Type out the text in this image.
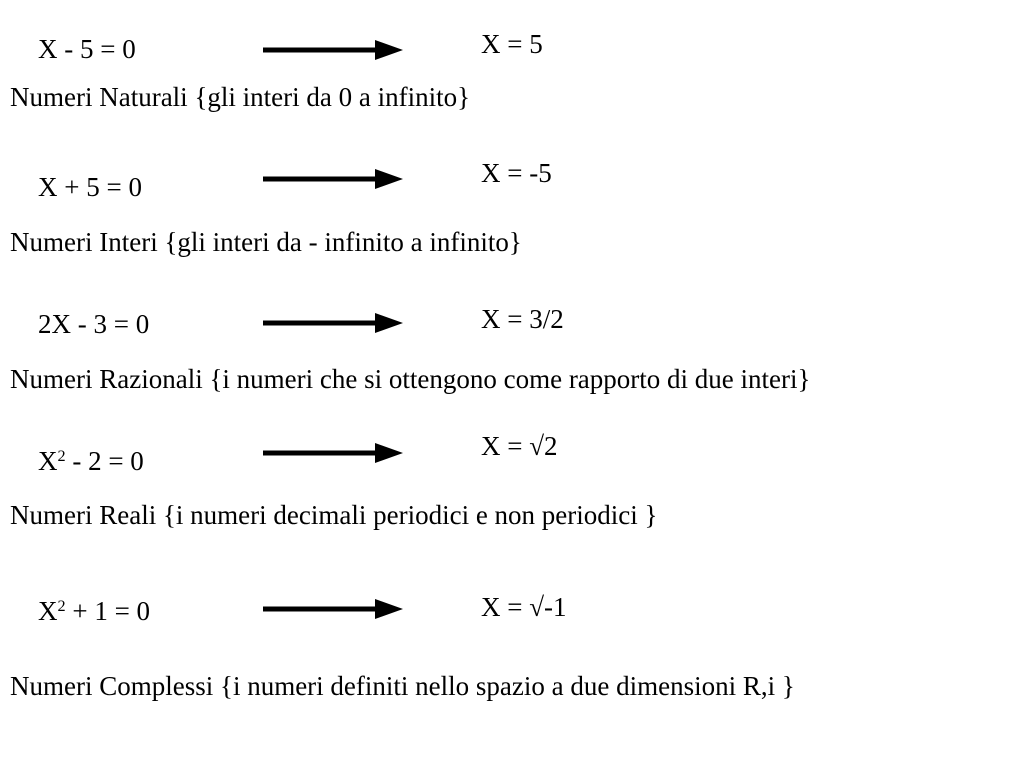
X - 5 = 0	X = 5
Numeri Naturali {gli interi da 0 a infinito}
X + 5 = 0	X = -5
Numeri Interi {gli interi da - infinito a infinito}
2X - 3 = 0	X = 3/2
Numeri Razionali {i numeri che si ottengono come rapporto di due interi}
$X^2 - 2 = 0$	X = √2
Numeri Reali {i numeri decimali periodici e non periodici }
$X^2 + 1 = 0$	X = √-1
Numeri Complessi {i numeri definiti nello spazio a due dimensioni R,i }
